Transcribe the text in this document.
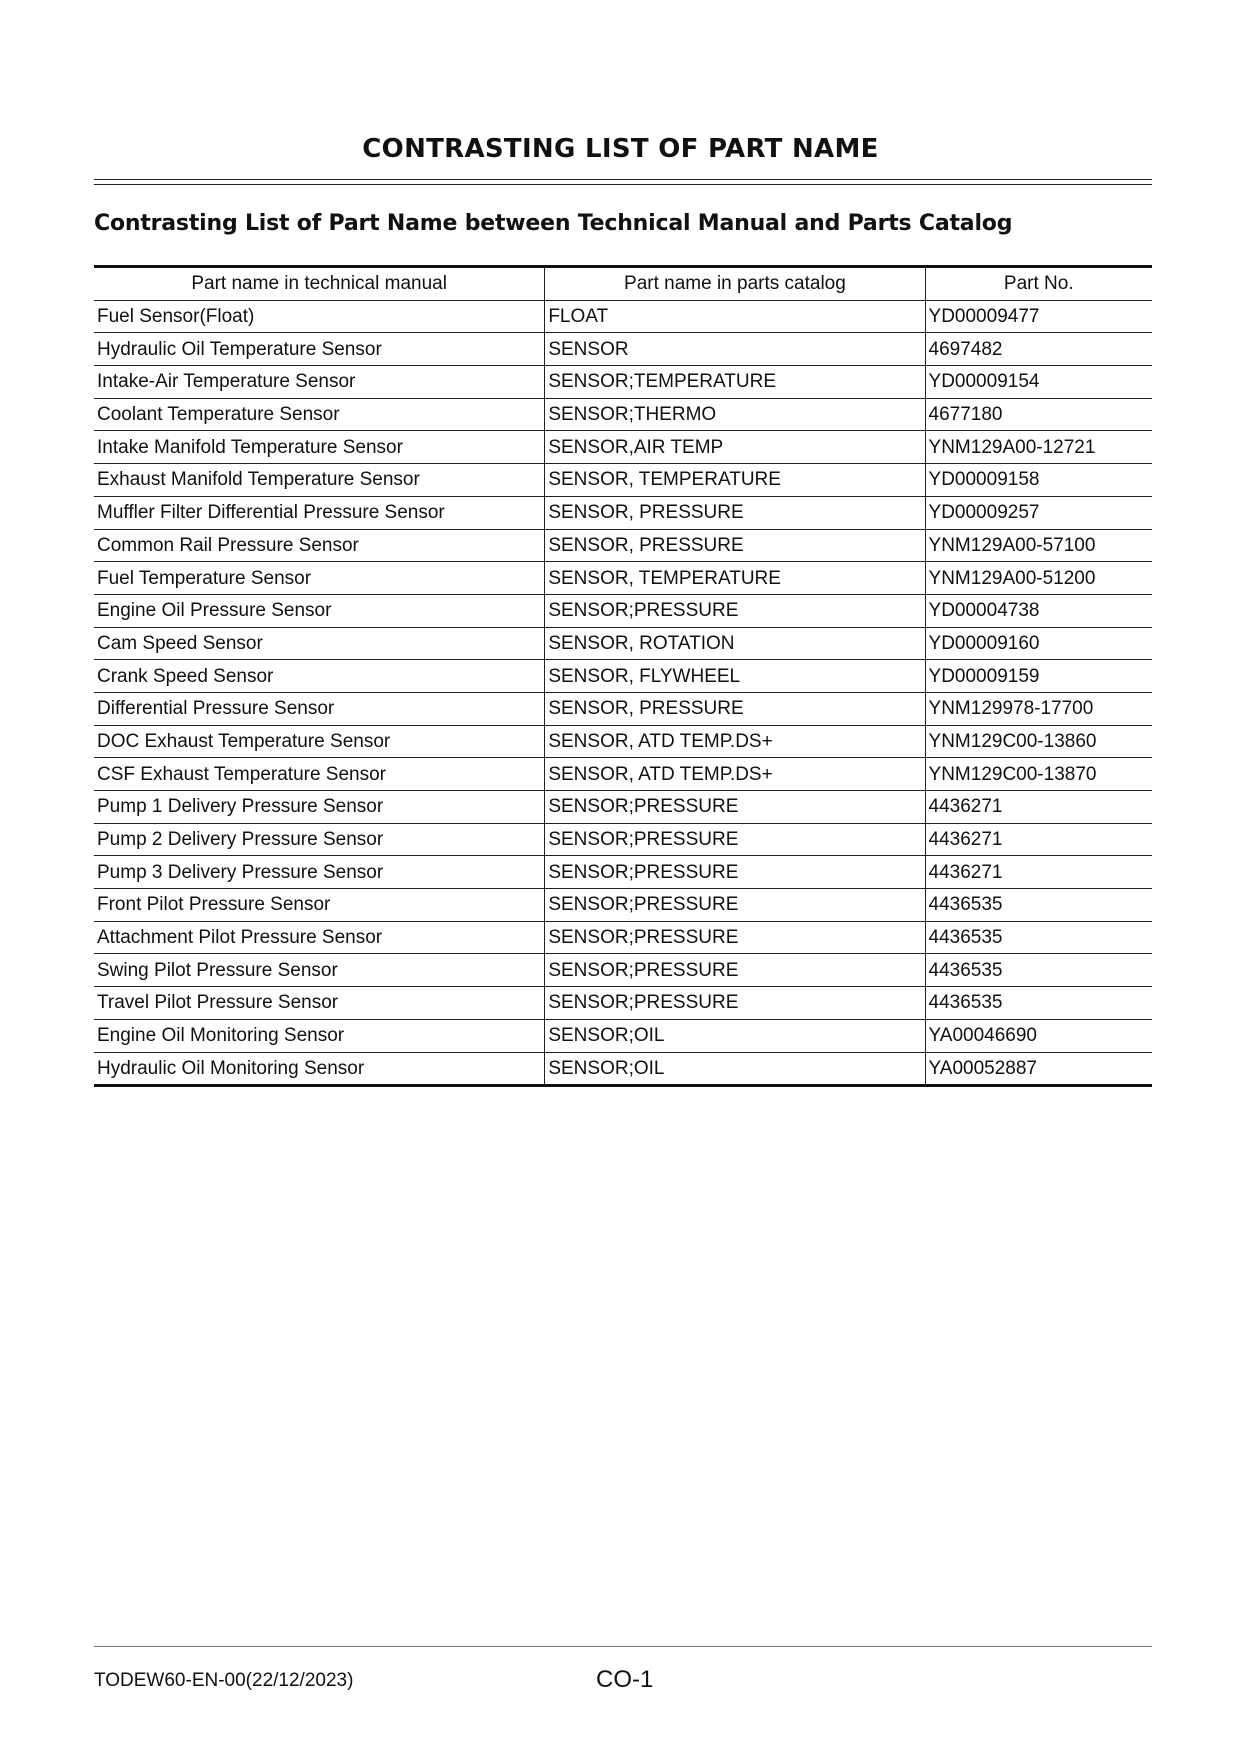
CONTRASTING LIST OF PART NAME
Contrasting List of Part Name between Technical Manual and Parts Catalog
Part name in technical manual	Part name in parts catalog	Part No.
Fuel Sensor(Float)	FLOAT	YD00009477
Hydraulic Oil Temperature Sensor	SENSOR	4697482
Intake-Air Temperature Sensor	SENSOR;TEMPERATURE	YD00009154
Coolant Temperature Sensor	SENSOR;THERMO	4677180
Intake Manifold Temperature Sensor	SENSOR,AIR TEMP	YNM129A00-12721
Exhaust Manifold Temperature Sensor	SENSOR, TEMPERATURE	YD00009158
Muffler Filter Differential Pressure Sensor	SENSOR, PRESSURE	YD00009257
Common Rail Pressure Sensor	SENSOR, PRESSURE	YNM129A00-57100
Fuel Temperature Sensor	SENSOR, TEMPERATURE	YNM129A00-51200
Engine Oil Pressure Sensor	SENSOR;PRESSURE	YD00004738
Cam Speed Sensor	SENSOR, ROTATION	YD00009160
Crank Speed Sensor	SENSOR, FLYWHEEL	YD00009159
Differential Pressure Sensor	SENSOR, PRESSURE	YNM129978-17700
DOC Exhaust Temperature Sensor	SENSOR, ATD TEMP.DS+	YNM129C00-13860
CSF Exhaust Temperature Sensor	SENSOR, ATD TEMP.DS+	YNM129C00-13870
Pump 1 Delivery Pressure Sensor	SENSOR;PRESSURE	4436271
Pump 2 Delivery Pressure Sensor	SENSOR;PRESSURE	4436271
Pump 3 Delivery Pressure Sensor	SENSOR;PRESSURE	4436271
Front Pilot Pressure Sensor	SENSOR;PRESSURE	4436535
Attachment Pilot Pressure Sensor	SENSOR;PRESSURE	4436535
Swing Pilot Pressure Sensor	SENSOR;PRESSURE	4436535
Travel Pilot Pressure Sensor	SENSOR;PRESSURE	4436535
Engine Oil Monitoring Sensor	SENSOR;OIL	YA00046690
Hydraulic Oil Monitoring Sensor	SENSOR;OIL	YA00052887
TODEW60-EN-00(22/12/2023)	CO-1
